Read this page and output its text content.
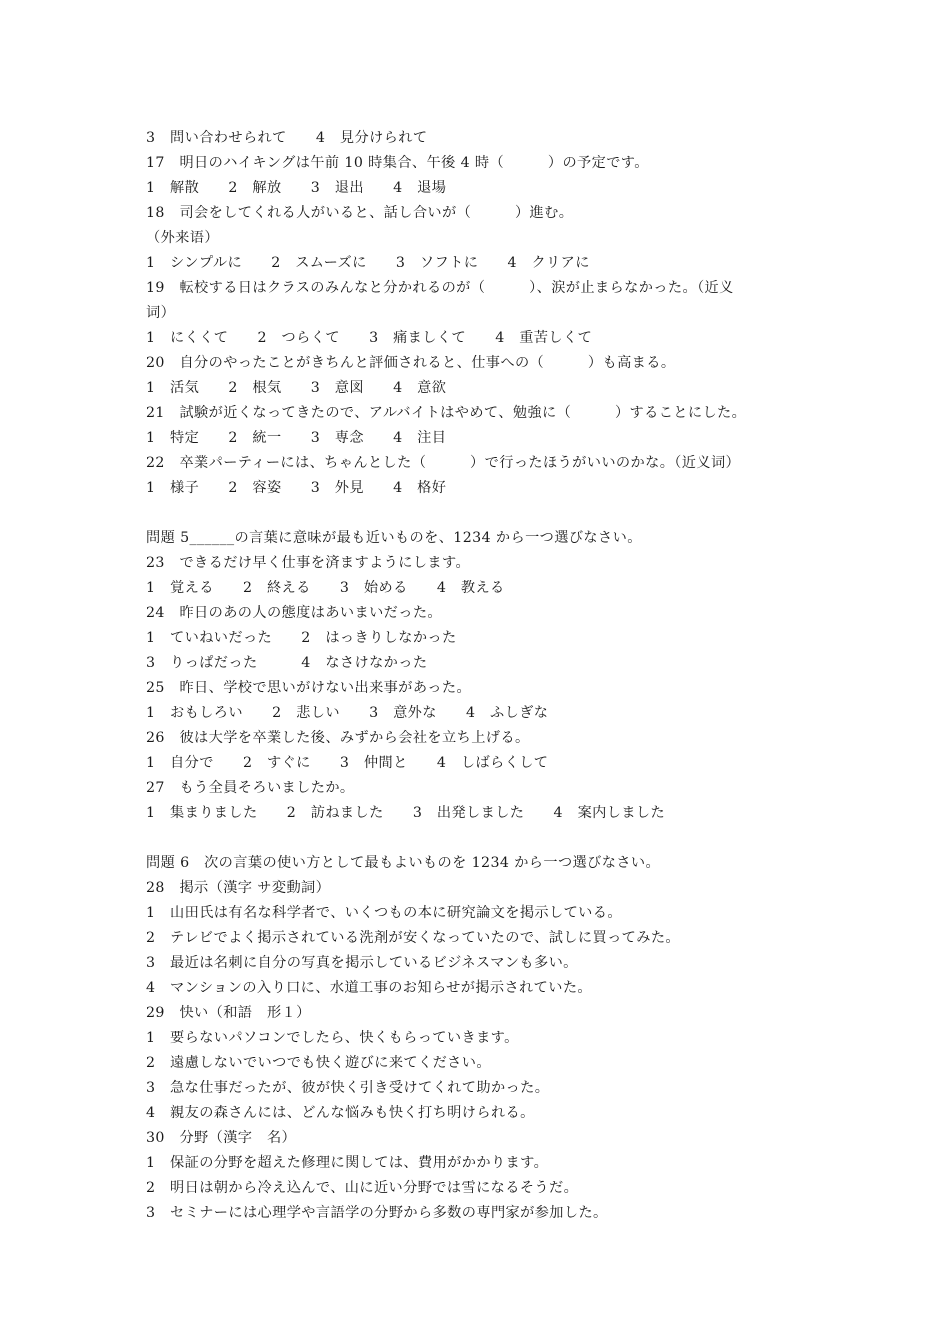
3　問い合わせられて　　4　見分けられて
17　明日のハイキングは午前 10 時集合、午後 4 時（　　　）の予定です。
1　解散　　2　解放　　3　退出　　4　退場
18　司会をしてくれる人がいると、話し合いが（　　　）進む。
（外来语）
1　シンプルに　　2　スムーズに　　3　ソフトに　　4　クリアに
19　転校する日はクラスのみんなと分かれるのが（　　　）、涙が止まらなかった。（近义
词）
1　にくくて　　2　つらくて　　3　痛ましくて　　4　重苦しくて
20　自分のやったことがきちんと評価されると、仕事への（　　　）も高まる。
1　活気　　2　根気　　3　意図　　4　意欲
21　試験が近くなってきたので、アルバイトはやめて、勉強に（　　　）することにした。
1　特定　　2　統一　　3　専念　　4　注目
22　卒業パーティーには、ちゃんとした（　　　）で行ったほうがいいのかな。（近义词）
1　様子　　2　容姿　　3　外見　　4　格好
問題 5______の言葉に意味が最も近いものを、1234 から一つ選びなさい。
23　できるだけ早く仕事を済ますようにします。
1　覚える　　2　終える　　3　始める　　4　教える
24　昨日のあの人の態度はあいまいだった。
1　ていねいだった　　2　はっきりしなかった
3　りっぱだった　　　4　なさけなかった
25　昨日、学校で思いがけない出来事があった。
1　おもしろい　　2　悲しい　　3　意外な　　4　ふしぎな
26　彼は大学を卒業した後、みずから会社を立ち上げる。
1　自分で　　2　すぐに　　3　仲間と　　4　しばらくして
27　もう全員そろいましたか。
1　集まりました　　2　訪ねました　　3　出発しました　　4　案内しました
問題 6　次の言葉の使い方として最もよいものを 1234 から一つ選びなさい。
28　掲示（漢字 サ変動詞）
1　山田氏は有名な科学者で、いくつもの本に研究論文を掲示している。
2　テレビでよく掲示されている洗剤が安くなっていたので、試しに買ってみた。
3　最近は名刺に自分の写真を掲示しているビジネスマンも多い。
4　マンションの入り口に、水道工事のお知らせが掲示されていた。
29　快い（和語　形１）
1　要らないパソコンでしたら、快くもらっていきます。
2　遠慮しないでいつでも快く遊びに来てください。
3　急な仕事だったが、彼が快く引き受けてくれて助かった。
4　親友の森さんには、どんな悩みも快く打ち明けられる。
30　分野（漢字　名）
1　保証の分野を超えた修理に関しては、費用がかかります。
2　明日は朝から冷え込んで、山に近い分野では雪になるそうだ。
3　セミナーには心理学や言語学の分野から多数の専門家が参加した。
